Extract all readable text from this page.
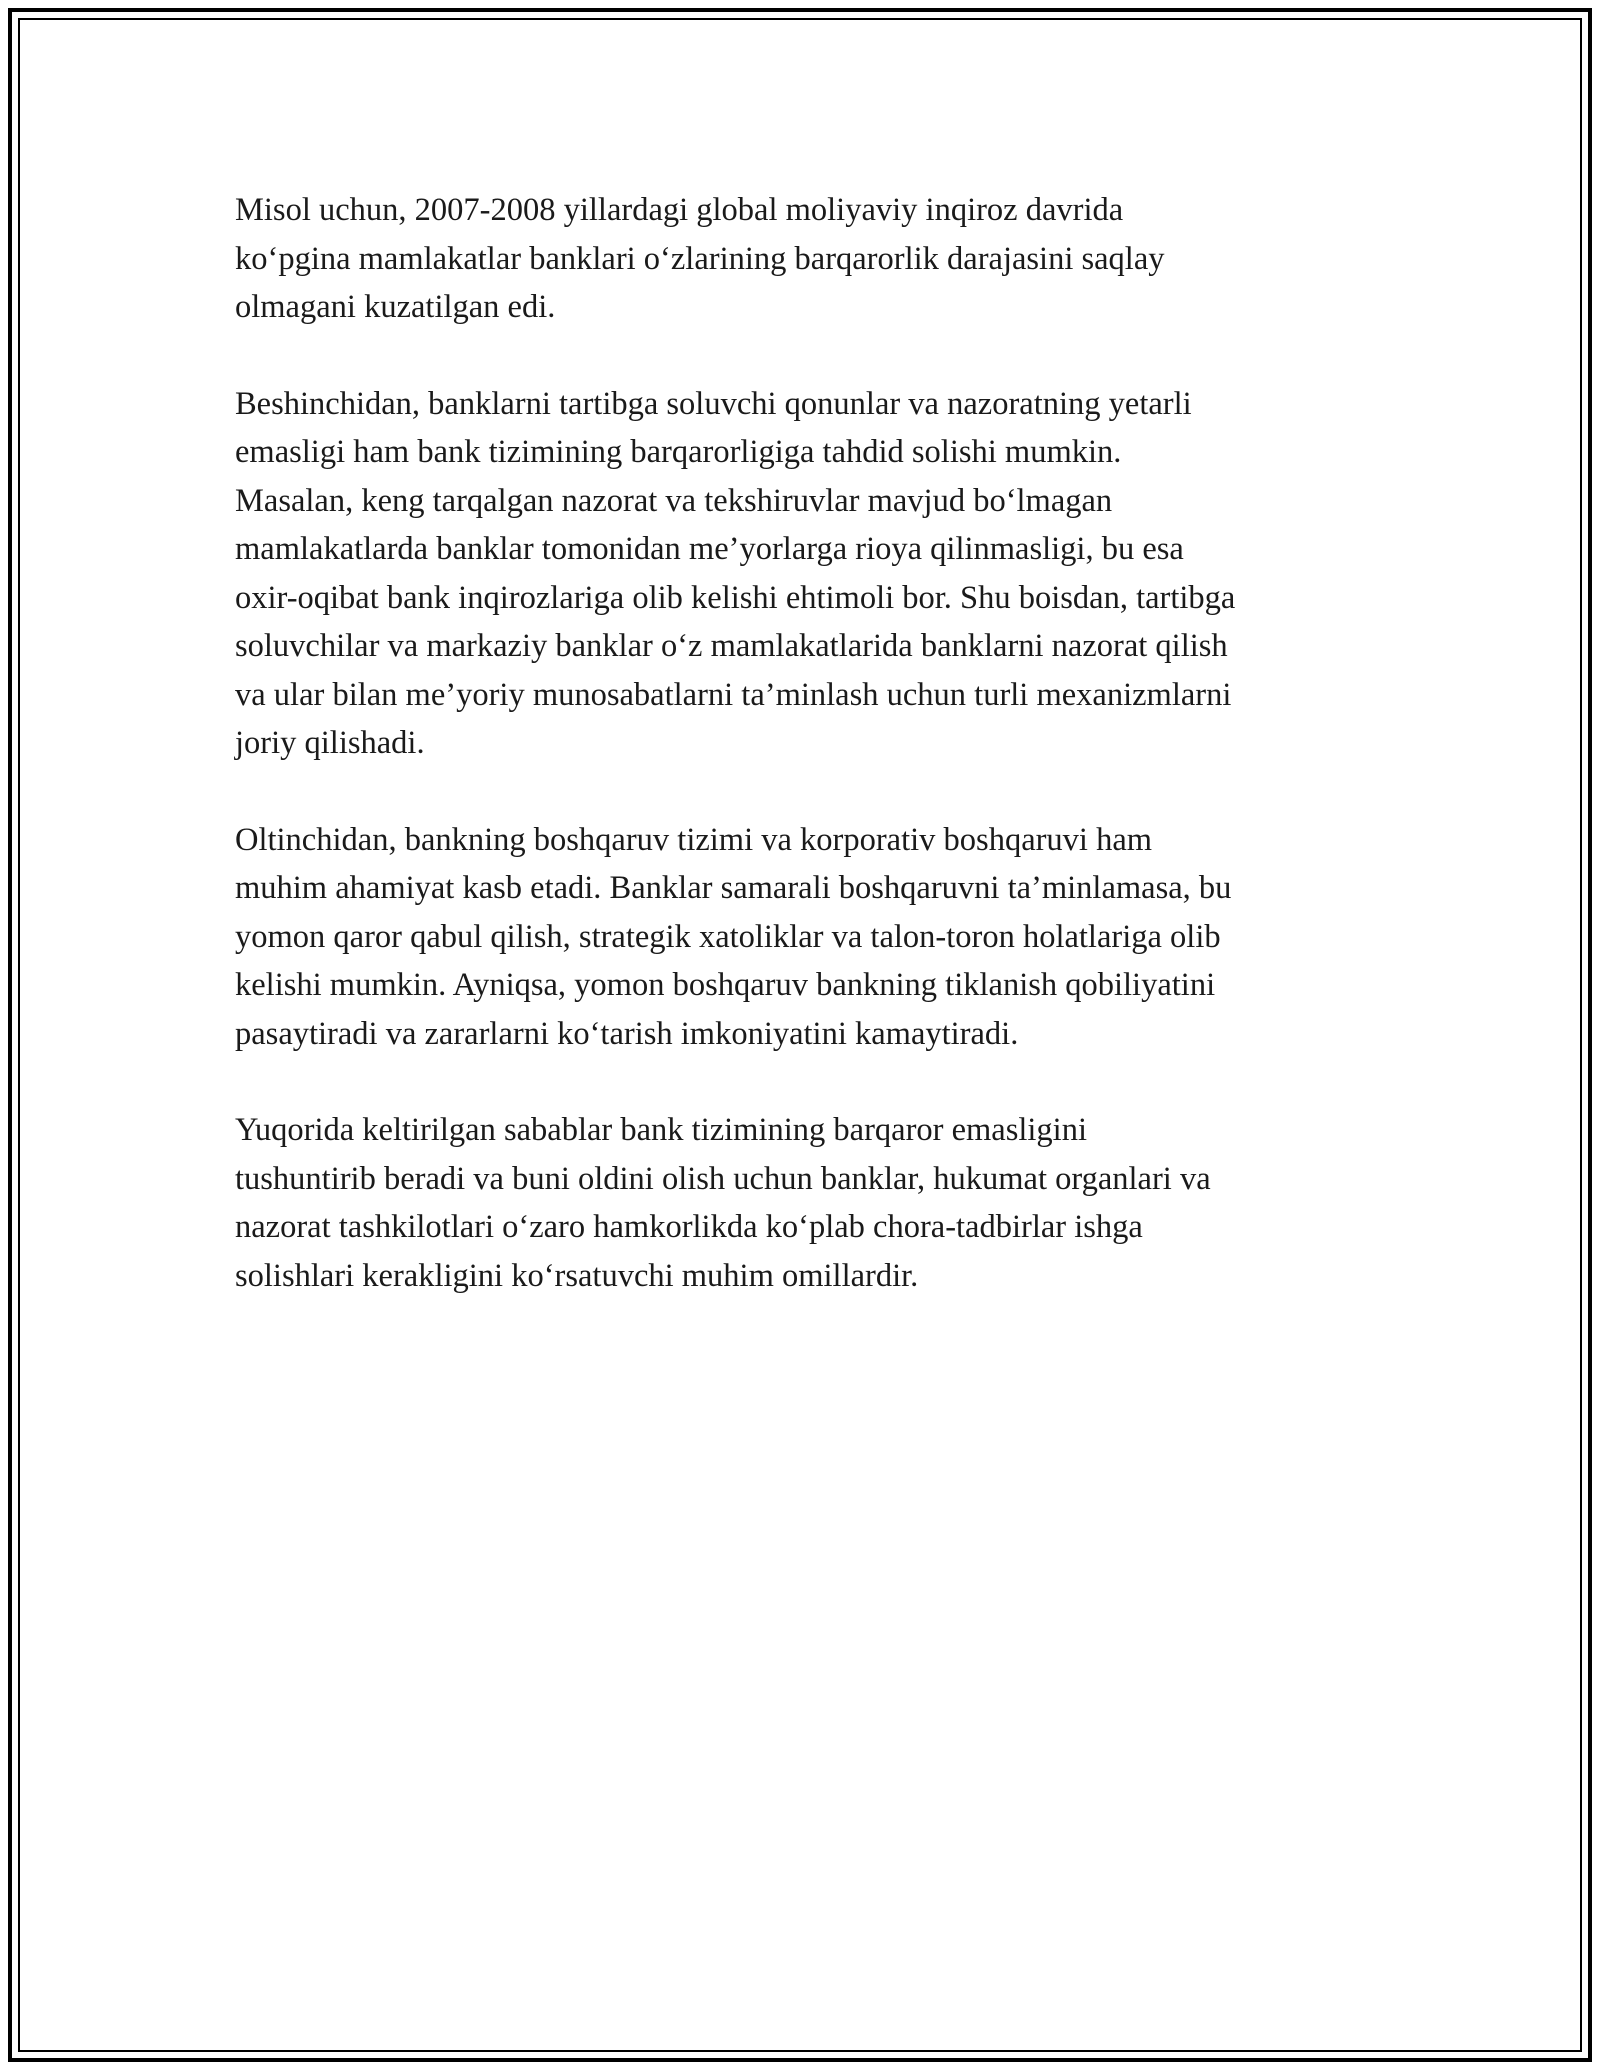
Misol uchun, 2007-2008 yillardagi global moliyaviy inqiroz davrida
ko‘pgina mamlakatlar banklari o‘zlarining barqarorlik darajasini saqlay
olmagani kuzatilgan edi.

Beshinchidan, banklarni tartibga soluvchi qonunlar va nazoratning yetarli
emasligi ham bank tizimining barqarorligiga tahdid solishi mumkin.
Masalan, keng tarqalgan nazorat va tekshiruvlar mavjud bo‘lmagan
mamlakatlarda banklar tomonidan me’yorlarga rioya qilinmasligi, bu esa
oxir-oqibat bank inqirozlariga olib kelishi ehtimoli bor. Shu boisdan, tartibga
soluvchilar va markaziy banklar o‘z mamlakatlarida banklarni nazorat qilish
va ular bilan me’yoriy munosabatlarni ta’minlash uchun turli mexanizmlarni
joriy qilishadi.

Oltinchidan, bankning boshqaruv tizimi va korporativ boshqaruvi ham
muhim ahamiyat kasb etadi. Banklar samarali boshqaruvni ta’minlamasa, bu
yomon qaror qabul qilish, strategik xatoliklar va talon-toron holatlariga olib
kelishi mumkin. Ayniqsa, yomon boshqaruv bankning tiklanish qobiliyatini
pasaytiradi va zararlarni ko‘tarish imkoniyatini kamaytiradi.

Yuqorida keltirilgan sabablar bank tizimining barqaror emasligini
tushuntirib beradi va buni oldini olish uchun banklar, hukumat organlari va
nazorat tashkilotlari o‘zaro hamkorlikda ko‘plab chora-tadbirlar ishga
solishlari kerakligini ko‘rsatuvchi muhim omillardir.
